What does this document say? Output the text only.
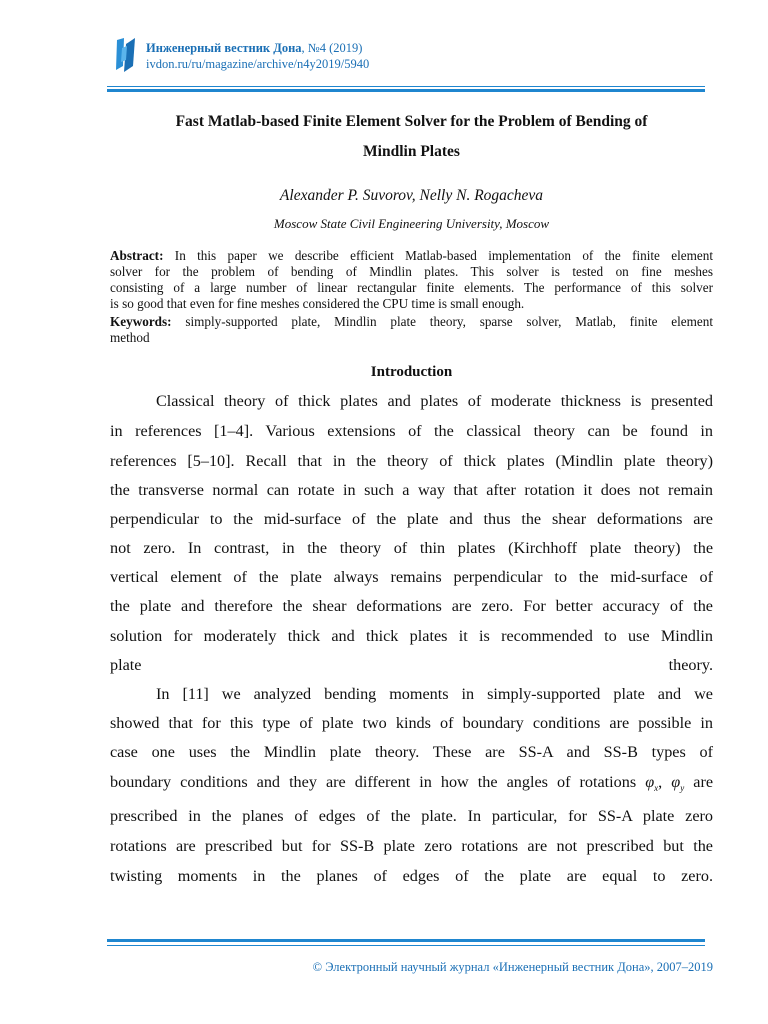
Инженерный вестник Дона, №4 (2019)
ivdon.ru/ru/magazine/archive/n4y2019/5940
Fast Matlab-based Finite Element Solver for the Problem of Bending of
Mindlin Plates
Alexander P. Suvorov, Nelly N. Rogacheva
Moscow State Civil Engineering University, Moscow
Abstract: In this paper we describe efficient Matlab-based implementation of the finite element
solver for the problem of bending of Mindlin plates. This solver is tested on fine meshes
consisting of a large number of linear rectangular finite elements. The performance of this solver
is so good that even for fine meshes considered the CPU time is small enough.
Keywords: simply-supported plate, Mindlin plate theory, sparse solver, Matlab, finite element
method
Introduction
Classical theory of thick plates and plates of moderate thickness is presented
in references [1–4]. Various extensions of the classical theory can be found in
references [5–10]. Recall that in the theory of thick plates (Mindlin plate theory)
the transverse normal can rotate in such a way that after rotation it does not remain
perpendicular to the mid-surface of the plate and thus the shear deformations are
not zero. In contrast, in the theory of thin plates (Kirchhoff plate theory) the
vertical element of the plate always remains perpendicular to the mid-surface of
the plate and therefore the shear deformations are zero. For better accuracy of the
solution for moderately thick and thick plates it is recommended to use Mindlin
plate theory.
In [11] we analyzed bending moments in simply-supported plate and we
showed that for this type of plate two kinds of boundary conditions are possible in
case one uses the Mindlin plate theory. These are SS-A and SS-B types of
boundary conditions and they are different in how the angles of rotations $\varphi_x$, $\varphi_y$ are
prescribed in the planes of edges of the plate. In particular, for SS-A plate zero
rotations are prescribed but for SS-B plate zero rotations are not prescribed but the
twisting moments in the planes of edges of the plate are equal to zero.
© Электронный научный журнал «Инженерный вестник Дона», 2007–2019
